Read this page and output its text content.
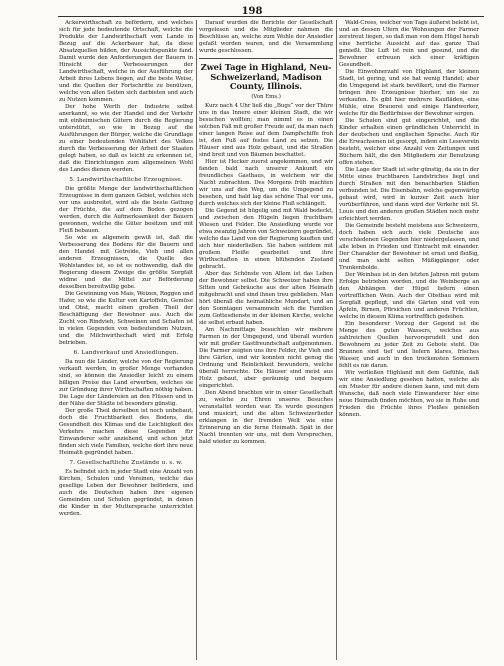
198

Ackerwirthschaft zu befördern, und welches sich für jede bedeutende Ortschaft, welche die Produkte der Landwirthschaft vom Lande in Bezug auf die Ackerbauer hat, da diese Absatzquellen bilden, der Aussichtspunkte fand. Damit wurde den Anforderungen der Bauern in Hinsicht der Verbesserungen der Landwirthschaft, welche in der Ausführung der Arbeit ihres Lebens liegen, auf die beste Weise, und die Quellen der Fortschritte zu benützen, welche von allen Seiten sich darbieten und auch zu Nutzen kommen.

Der hohe Werth der Industrie selbst anerkannt, so wie der Handel und der Verkehr mit einheimischen Gütern durch die Regierung unterstützt, so wie in Bezug auf die Ausführungen der Bürger, welche die Grundlage zu einer bedeutenden Wohlfahrt des Volkes durch die Verbesserung der Arbeit der Staaten gelegt haben, so daß es leicht zu erkennen ist, daß die Einrichtungen zum allgemeinen Wohl des Landes dienen werden.

5. Landwirthschaftliche Erzeugnisse.

Die größte Menge der landwirthschaftlichen Erzeugnisse in dem ganzen Gebiet, welches sich vor uns ausbreitet, wird als die beste Gattung der Früchte, die auf dem Boden gezogen werden, durch die Aufmerksamkeit der Bauern gewonnen, welche die Güter besitzen und mit Fleiß bebauen.

So wie es allgemein gewiß ist, daß die Verbesserung des Bodens für die Bauern und den Handel mit Getreide, Vieh und allen anderen Erzeugnissen, die Quelle des Wohlstandes ist, so ist es nothwendig, daß die Regierung diesem Zweige die größte Sorgfalt widme und die Mittel zur Beförderung desselben bereitwillig gebe.

Die Gewinnung von Mais, Weizen, Roggen und Hafer, so wie die Kultur von Kartoffeln, Gemüse und Obst, macht einen großen Theil der Beschäftigung der Bewohner aus. Auch die Zucht von Rindvieh, Schweinen und Schafen ist in vielen Gegenden von bedeutendem Nutzen, und die Milchwirthschaft wird mit Erfolg betrieben.

6. Landverkauf und Ansiedlungen.

Da nun die Länder, welche von der Regierung verkauft werden, in großer Menge vorhanden sind, so können die Ansiedler leicht zu einem billigen Preise das Land erwerben, welches sie zur Gründung ihrer Wirthschaften nöthig haben. Die Lage der Ländereien an den Flüssen und in der Nähe der Städte ist besonders günstig.

Der große Theil derselben ist noch unbebaut, doch die Fruchtbarkeit des Bodens, die Gesundheit des Klimas und die Leichtigkeit des Verkehrs machen diese Gegenden für Einwanderer sehr anziehend, und schon jetzt finden sich viele Familien, welche dort ihre neue Heimath gegründet haben.

7. Gesellschaftliche Zustände u. s. w.

Es befindet sich in jeder Stadt eine Anzahl von Kirchen, Schulen und Vereinen, welche das gesellige Leben der Bewohner befördern, und auch die Deutschen haben ihre eigenen Gemeinden und Schulen gegründet, in denen die Kinder in der Muttersprache unterrichtet werden.

Darauf wurden die Berichte der Gesellschaft vorgelesen und die Mitglieder nahmen die Beschlüsse an, welche zum Wohle der Ansiedler gefaßt worden waren, und die Versammlung wurde geschlossen.

Zwei Tage in Highland, Neu-Schweizerland, Madison County, Illinois.
(Von Ems.)

Kurz nach 4 Uhr ließ die „Bugs“ vor der Thüre uns in das Innere einer kleinen Stadt, die wir besuchen wollten; man nimmt es in einen solchen Fall mit großer Freude auf, da man nach einer langen Reise auf dem Dampfschiffe froh ist, den Fuß auf festes Land zu setzen. Die Häuser sind aus Holz gebaut, und die Straßen sind breit und von Bäumen beschattet.

Hier ist Hecker zuerst angekommen, und wir fanden bald nach unserer Ankunft ein freundliches Gasthaus, in welchem wir die Nacht zubrachten. Des Morgens früh machten wir uns auf den Weg, um die Umgegend zu besehen, und bald lag das schöne Thal vor uns, durch welches sich der kleine Fluß schlängelt.

Die Gegend ist hügelig und mit Wald bedeckt, und zwischen den Hügeln liegen fruchtbare Wiesen und Felder. Die Ansiedlung wurde vor etwa zwanzig Jahren von Schweizern gegründet, welche das Land von der Regierung kauften und sich hier niederließen. Sie haben seitdem mit großem Fleiße gearbeitet und ihre Wirthschaften in einen blühenden Zustand gebracht.

Aber das Schönste von Allem ist das Leben der Bewohner selbst. Die Schweizer haben ihre Sitten und Gebräuche aus der alten Heimath mitgebracht und sind ihnen treu geblieben. Man hört überall die heimathliche Mundart, und an den Sonntagen versammeln sich die Familien zum Gottesdienste in der kleinen Kirche, welche sie selbst erbaut haben.

Am Nachmittage besuchten wir mehrere Farmen in der Umgegend, und überall wurden wir mit großer Gastfreundschaft aufgenommen. Die Farmer zeigten uns ihre Felder, ihr Vieh und ihre Gärten, und wir konnten nicht genug die Ordnung und Reinlichkeit bewundern, welche überall herrschte. Die Häuser sind meist aus Holz gebaut, aber geräumig und bequem eingerichtet.

Den Abend brachten wir in einer Gesellschaft zu, welche zu Ehren unseres Besuches veranstaltet worden war. Es wurde gesungen und musicirt, und die alten Schweizerlieder erklangen in der fremden Welt wie eine Erinnerung an die ferne Heimath. Spät in der Nacht trennten wir uns, mit dem Versprechen, bald wieder zu kommen.

Wald-Crees, welcher von Tage äußerst belebt ist, und an dessen Ufern die Wohnungen der Farmer zerstreut liegen, so daß man von dem Hügel herab eine herrliche Aussicht auf das ganze Thal genießt. Die Luft ist rein und gesund, und die Bewohner erfreuen sich einer kräftigen Gesundheit.

Die Einwohnerzahl von Highland, der kleinen Stadt, ist gering, und sie hat wenig Handel; aber die Umgegend ist stark bevölkert, und die Farmer bringen ihre Erzeugnisse hierher, um sie zu verkaufen. Es gibt hier mehrere Kaufläden, eine Mühle, eine Brauerei und einige Handwerker, welche für die Bedürfnisse der Bewohner sorgen.

Die Schulen sind gut eingerichtet, und die Kinder erhalten einen gründlichen Unterricht in der deutschen und englischen Sprache. Auch für die Erwachsenen ist gesorgt, indem ein Leseverein besteht, welcher eine Anzahl von Zeitungen und Büchern hält, die den Mitgliedern zur Benutzung offen stehen.

Die Lage der Stadt ist sehr günstig, da sie in der Mitte eines fruchtbaren Landstriches liegt und durch Straßen mit den benachbarten Städten verbunden ist. Die Eisenbahn, welche gegenwärtig gebaut wird, wird in kurzer Zeit auch hier vorüberführen, und dann wird der Verkehr mit St. Louis und den anderen großen Städten noch mehr erleichtert werden.

Die Gemeinde besteht meistens aus Schweizern, doch haben sich auch viele Deutsche aus verschiedenen Gegenden hier niedergelassen, und alle leben in Frieden und Eintracht mit einander. Der Charakter der Bewohner ist ernst und fleißig, und man sieht selten Müßiggänger oder Trunkenbolde.

Der Weinbau ist in den letzten Jahren mit gutem Erfolge betrieben worden, und die Weinberge an den Abhängen der Hügel liefern einen vortrefflichen Wein. Auch der Obstbau wird mit Sorgfalt gepflegt, und die Gärten sind voll von Äpfeln, Birnen, Pfirsichen und anderen Früchten, welche in diesem Klima vortrefflich gedeihen.

Ein besonderer Vorzug der Gegend ist die Menge des guten Wassers, welches aus zahlreichen Quellen hervorsprudelt und den Bewohnern zu jeder Zeit zu Gebote steht. Die Brunnen sind tief und liefern klares, frisches Wasser, und auch in den trockensten Sommern fehlt es nie daran.

Wir verließen Highland mit dem Gefühle, daß wir eine Ansiedlung gesehen hatten, welche als ein Muster für andere dienen kann, und mit dem Wunsche, daß noch viele Einwanderer hier eine neue Heimath finden möchten, wo sie in Ruhe und Frieden die Früchte ihres Fleißes genießen können.
